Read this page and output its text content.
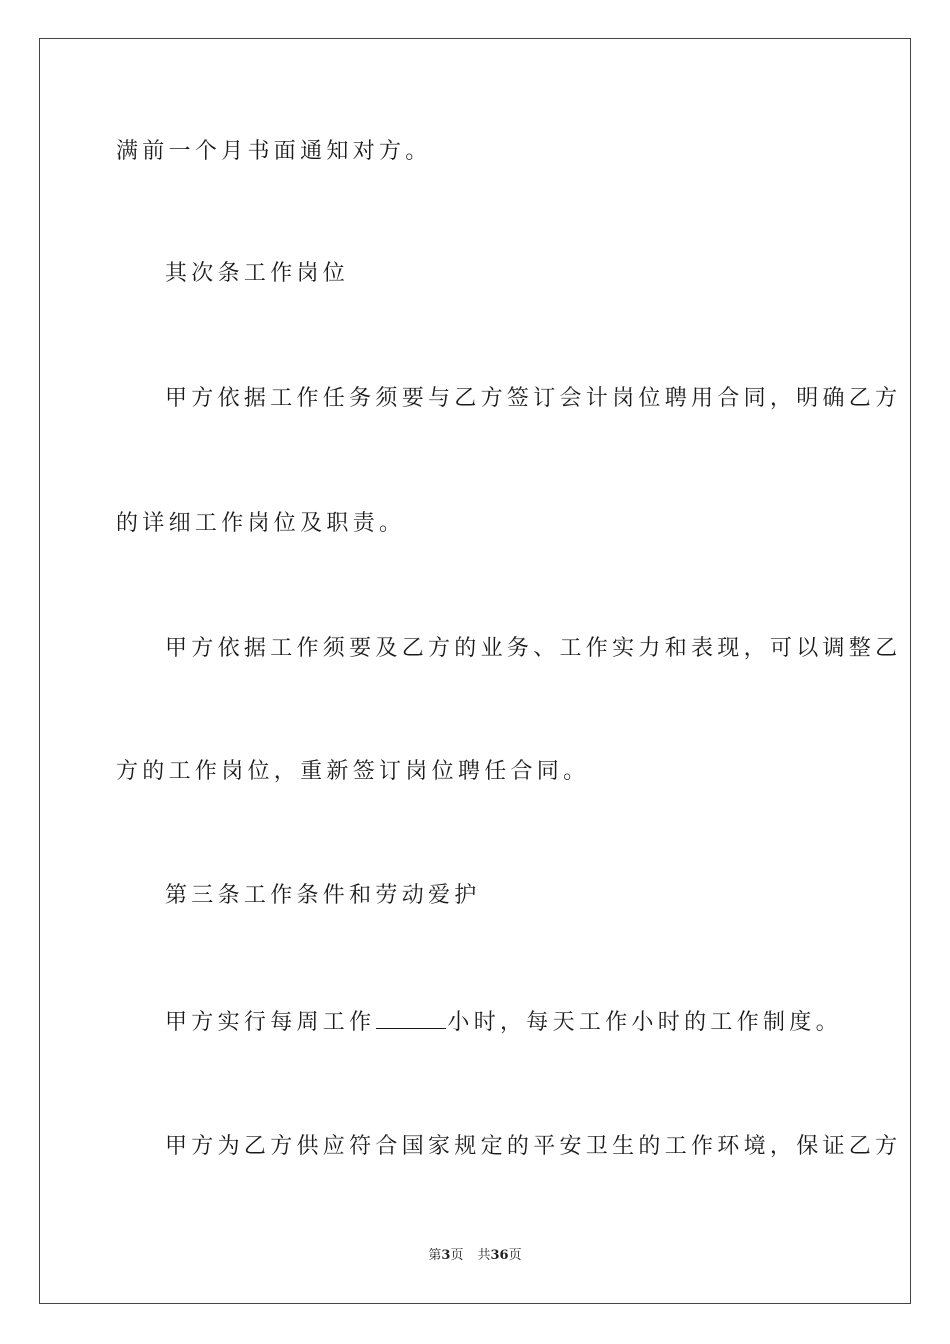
满前一个月书面通知对方。
其次条工作岗位
甲方依据工作任务须要与乙方签订会计岗位聘用合同，明确乙方
的详细工作岗位及职责。
甲方依据工作须要及乙方的业务、工作实力和表现，可以调整乙
方的工作岗位，重新签订岗位聘任合同。
第三条工作条件和劳动爱护
甲方实行每周工作	小时，每天工作小时的工作制度。
甲方为乙方供应符合国家规定的平安卫生的工作环境，保证乙方
第3页 共36页
